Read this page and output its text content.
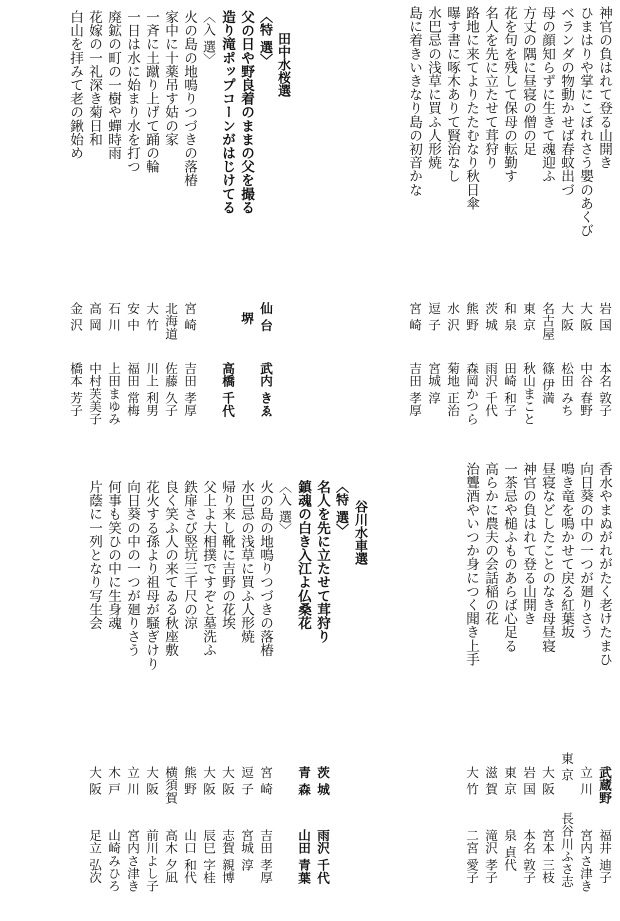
神官の負はれて登る山開き
ひまはりや掌にこぼれさう嬰のあくび
ベランダの物動かせば春蚊出づ
母の顔知らずに生きて魂迎ふ
方丈の隅に昼寝の僧の足
花を句を残して保母の転勤す
名人を先に立たせて茸狩り
路地に来てよりたたむなり秋日傘
曝す書に啄木ありて賢治なし
水巴忌の浅草に買ふ人形焼
島に着きいきなり島の初音かな
岩 国
大 阪
大 阪
名古屋
東 京
和 泉
茨 城
熊 野
水 沢
逗 子
宮 崎
本名 敦子
中谷 春野
松田 みち
篠 伊満
秋山まこと
田崎 和子
雨沢 千代
森岡かつら
菊地 正治
宮城 淳
吉田 孝厚
田中水桜選
〈特 選〉
父の日や野良着のままの父を撮る
造り滝ポップコーンがはじけてる
〈入 選〉
火の島の地鳴りつづきの落椿
家中に十薬吊す姑の家
一斉に土蹴り上げて踊の輪
一日は水に始まり水を打つ
廃鉱の町の一樹や蟬時雨
花嫁の一礼深き菊日和
白山を拝みて老の鍬始め
仙 台
堺
武内 きゑ
高橋 千代
宮 崎
北海道
大 竹
安 中
石 川
高 岡
金 沢
吉田 孝厚
佐藤 久子
川上 利男
福田 常梅
上田まゆみ
中村芙美子
橋本 芳子
香水やまぬがれがたく老けたまひ
向日葵の中の一つが廻りさう
鳴き竜を鳴かせて戻る紅葉坂
昼寝などしたことのなき母昼寝
神官の負はれて登る山開き
一茶忌や槌ふものあらば心足る
高らかに農夫の会話稲の花
治聾酒やいつか身につく聞き上手
武蔵野
立 川
東 京
大 阪
岩 国
東 京
滋 賀
大 竹
福井 迪子
宮内さ津き
長谷川ふさ志
宮本 三枝
本名 敦子
泉 貞代
滝沢 孝子
二宮 愛子
谷川水車選
〈特 選〉
名人を先に立たせて茸狩り
鎮魂の白き入江よ仏桑花
〈入 選〉
火の島の地鳴りつづきの落椿
水巴忌の浅草に買ふ人形焼
帰り来し靴に吉野の花埃
父上よ大相撲ですぞと墓洗ふ
鉄扉さび竪坑三千尺の涼
良く笑ふ人の来てゐる秋座敷
花火する孫より祖母が騒ぎけり
向日葵の中の一つが廻りさう
何事も笑ひの中に生身魂
片蔭に一列となり写生会
茨 城
青 森
雨沢 千代
山田 青葉
宮 崎
逗 子
大 阪
大 阪
熊 野
横須賀
大 阪
立 川
木 戸
大 阪
吉田 孝厚
宮城 淳
志賀 親博
辰巳 字桂
山口 和代
高木 夕凪
前川よし子
宮内さ津き
山崎みひろ
足立 弘次
